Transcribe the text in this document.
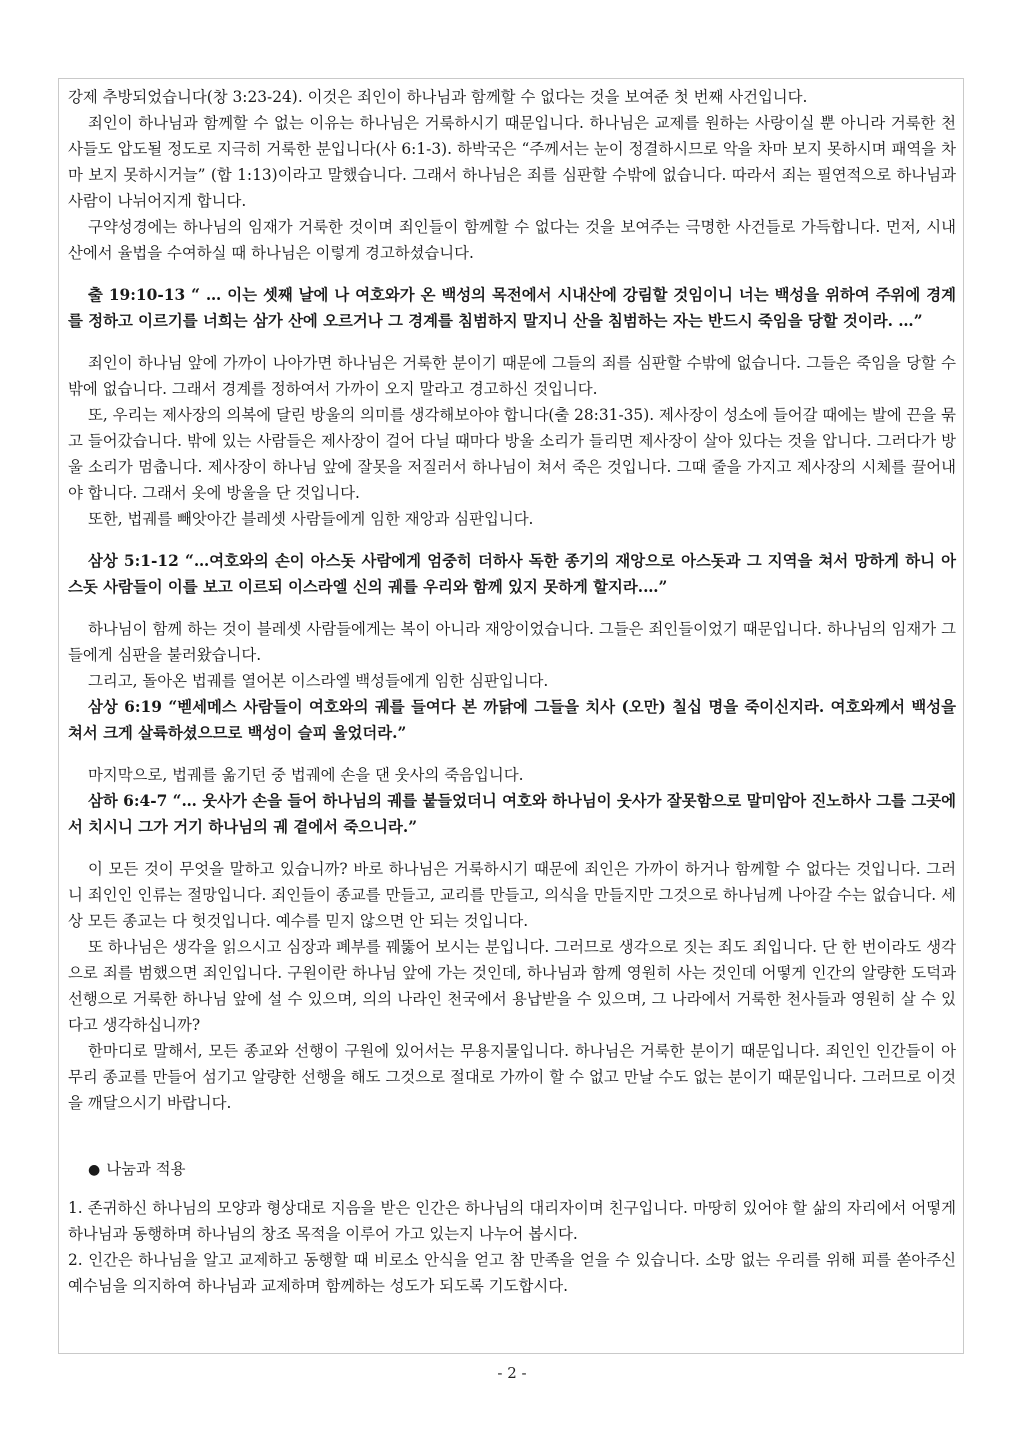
강제 추방되었습니다(창 3:23-24). 이것은 죄인이 하나님과 함께할 수 없다는 것을 보여준 첫 번째 사건입니다.

죄인이 하나님과 함께할 수 없는 이유는 하나님은 거룩하시기 때문입니다. 하나님은 교제를 원하는 사랑이실 뿐 아니라 거룩한 천사들도 압도될 정도로 지극히 거룩한 분입니다(사 6:1-3). 하박국은 “주께서는 눈이 정결하시므로 악을 차마 보지 못하시며 패역을 차마 보지 못하시거늘” (합 1:13)이라고 말했습니다. 그래서 하나님은 죄를 심판할 수밖에 없습니다. 따라서 죄는 필연적으로 하나님과 사람이 나뉘어지게 합니다.

구약성경에는 하나님의 임재가 거룩한 것이며 죄인들이 함께할 수 없다는 것을 보여주는 극명한 사건들로 가득합니다. 먼저, 시내산에서 율법을 수여하실 때 하나님은 이렇게 경고하셨습니다.

출 19:10-13 “ … 이는 셋째 날에 나 여호와가 온 백성의 목전에서 시내산에 강림할 것임이니 너는 백성을 위하여 주위에 경계를 정하고 이르기를 너희는 삼가 산에 오르거나 그 경계를 침범하지 말지니 산을 침범하는 자는 반드시 죽임을 당할 것이라. …”

죄인이 하나님 앞에 가까이 나아가면 하나님은 거룩한 분이기 때문에 그들의 죄를 심판할 수밖에 없습니다. 그들은 죽임을 당할 수밖에 없습니다. 그래서 경계를 정하여서 가까이 오지 말라고 경고하신 것입니다.

또, 우리는 제사장의 의복에 달린 방울의 의미를 생각해보아야 합니다(출 28:31-35). 제사장이 성소에 들어갈 때에는 발에 끈을 묶고 들어갔습니다. 밖에 있는 사람들은 제사장이 걸어 다닐 때마다 방울 소리가 들리면 제사장이 살아 있다는 것을 압니다. 그러다가 방울 소리가 멈춥니다. 제사장이 하나님 앞에 잘못을 저질러서 하나님이 쳐서 죽은 것입니다. 그때 줄을 가지고 제사장의 시체를 끌어내야 합니다. 그래서 옷에 방울을 단 것입니다.

또한, 법궤를 빼앗아간 블레셋 사람들에게 임한 재앙과 심판입니다.

삼상 5:1-12 “…여호와의 손이 아스돗 사람에게 엄중히 더하사 독한 종기의 재앙으로 아스돗과 그 지역을 쳐서 망하게 하니 아스돗 사람들이 이를 보고 이르되 이스라엘 신의 궤를 우리와 함께 있지 못하게 할지라.…”

하나님이 함께 하는 것이 블레셋 사람들에게는 복이 아니라 재앙이었습니다. 그들은 죄인들이었기 때문입니다. 하나님의 임재가 그들에게 심판을 불러왔습니다.

그리고, 돌아온 법궤를 열어본 이스라엘 백성들에게 임한 심판입니다.

삼상 6:19 “벧세메스 사람들이 여호와의 궤를 들여다 본 까닭에 그들을 치사 (오만) 칠십 명을 죽이신지라. 여호와께서 백성을 쳐서 크게 살륙하셨으므로 백성이 슬피 울었더라.”

마지막으로, 법궤를 옮기던 중 법궤에 손을 댄 웃사의 죽음입니다.

삼하 6:4-7 “… 웃사가 손을 들어 하나님의 궤를 붙들었더니 여호와 하나님이 웃사가 잘못함으로 말미암아 진노하사 그를 그곳에서 치시니 그가 거기 하나님의 궤 곁에서 죽으니라.”

이 모든 것이 무엇을 말하고 있습니까? 바로 하나님은 거룩하시기 때문에 죄인은 가까이 하거나 함께할 수 없다는 것입니다. 그러니 죄인인 인류는 절망입니다. 죄인들이 종교를 만들고, 교리를 만들고, 의식을 만들지만 그것으로 하나님께 나아갈 수는 없습니다. 세상 모든 종교는 다 헛것입니다. 예수를 믿지 않으면 안 되는 것입니다.

또 하나님은 생각을 읽으시고 심장과 폐부를 꿰뚫어 보시는 분입니다. 그러므로 생각으로 짓는 죄도 죄입니다. 단 한 번이라도 생각으로 죄를 범했으면 죄인입니다. 구원이란 하나님 앞에 가는 것인데, 하나님과 함께 영원히 사는 것인데 어떻게 인간의 알량한 도덕과 선행으로 거룩한 하나님 앞에 설 수 있으며, 의의 나라인 천국에서 용납받을 수 있으며, 그 나라에서 거룩한 천사들과 영원히 살 수 있다고 생각하십니까?

한마디로 말해서, 모든 종교와 선행이 구원에 있어서는 무용지물입니다. 하나님은 거룩한 분이기 때문입니다. 죄인인 인간들이 아무리 종교를 만들어 섬기고 알량한 선행을 해도 그것으로 절대로 가까이 할 수 없고 만날 수도 없는 분이기 때문입니다. 그러므로 이것을 깨달으시기 바랍니다.

● 나눔과 적용

1. 존귀하신 하나님의 모양과 형상대로 지음을 받은 인간은 하나님의 대리자이며 친구입니다. 마땅히 있어야 할 삶의 자리에서 어떻게 하나님과 동행하며 하나님의 창조 목적을 이루어 가고 있는지 나누어 봅시다.

2. 인간은 하나님을 알고 교제하고 동행할 때 비로소 안식을 얻고 참 만족을 얻을 수 있습니다. 소망 없는 우리를 위해 피를 쏟아주신 예수님을 의지하여 하나님과 교제하며 함께하는 성도가 되도록 기도합시다.

- 2 -
